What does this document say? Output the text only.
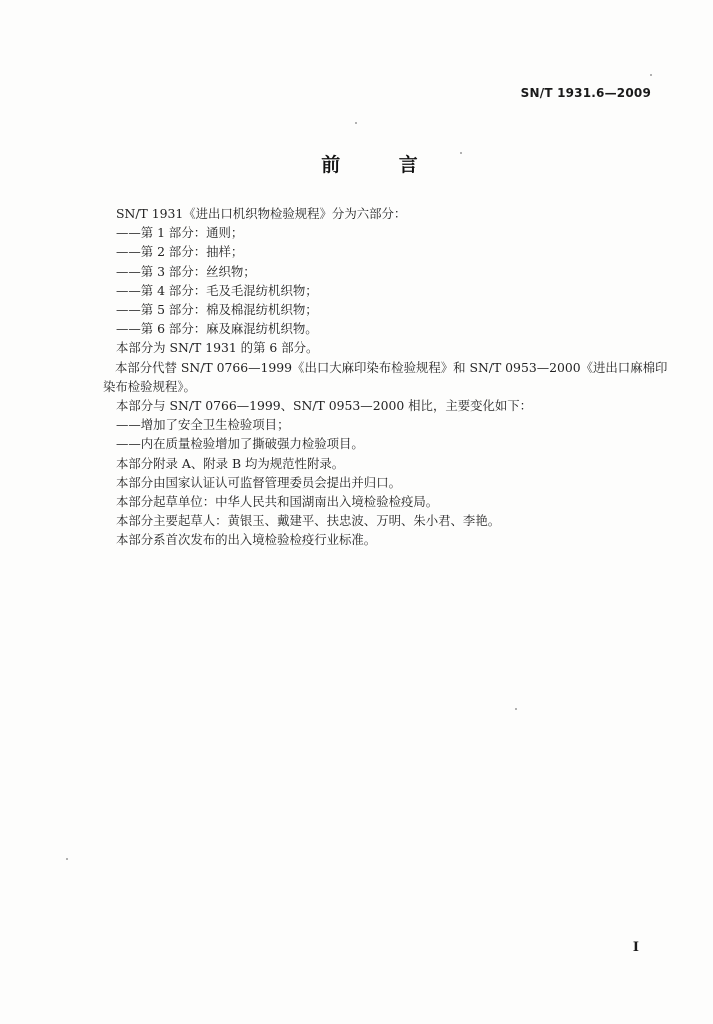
SN/T 1931.6—2009
前 言
SN/T 1931《进出口机织物检验规程》分为六部分：
——第 1 部分：通则；
——第 2 部分：抽样；
——第 3 部分：丝织物；
——第 4 部分：毛及毛混纺机织物；
——第 5 部分：棉及棉混纺机织物；
——第 6 部分：麻及麻混纺机织物。
本部分为 SN/T 1931 的第 6 部分。
本部分代替 SN/T 0766—1999《出口大麻印染布检验规程》和 SN/T 0953—2000《进出口麻棉印染布检验规程》。
本部分与 SN/T 0766—1999、SN/T 0953—2000 相比，主要变化如下：
——增加了安全卫生检验项目；
——内在质量检验增加了撕破强力检验项目。
本部分附录 A、附录 B 均为规范性附录。
本部分由国家认证认可监督管理委员会提出并归口。
本部分起草单位：中华人民共和国湖南出入境检验检疫局。
本部分主要起草人：黄银玉、戴建平、扶忠波、万明、朱小君、李艳。
本部分系首次发布的出入境检验检疫行业标准。
I
